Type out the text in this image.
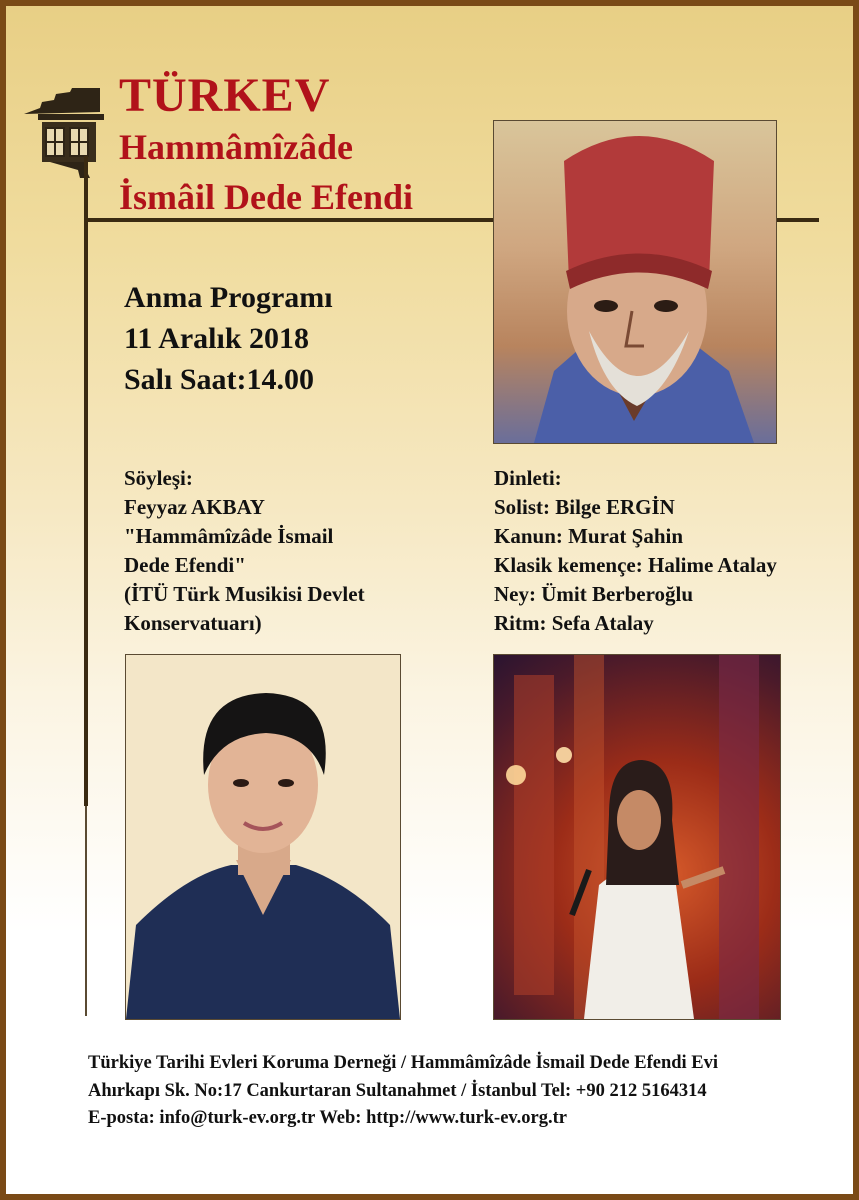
TÜRKEV
Hammâmîzâde
İsmâil Dede Efendi
Anma Programı
11 Aralık 2018
Salı Saat:14.00
Söyleşi:
Feyyaz AKBAY
"Hammâmîzâde İsmail
Dede Efendi"
(İTÜ Türk Musikisi Devlet
Konservatuarı)
Dinleti:
Solist: Bilge ERGİN
Kanun: Murat Şahin
Klasik kemençe: Halime Atalay
Ney: Ümit Berberoğlu
Ritm: Sefa Atalay
Türkiye Tarihi Evleri Koruma Derneği / Hammâmîzâde İsmail Dede Efendi Evi
Ahırkapı Sk. No:17 Cankurtaran Sultanahmet / İstanbul Tel: +90 212 5164314
E-posta: info@turk-ev.org.tr Web: http://www.turk-ev.org.tr
